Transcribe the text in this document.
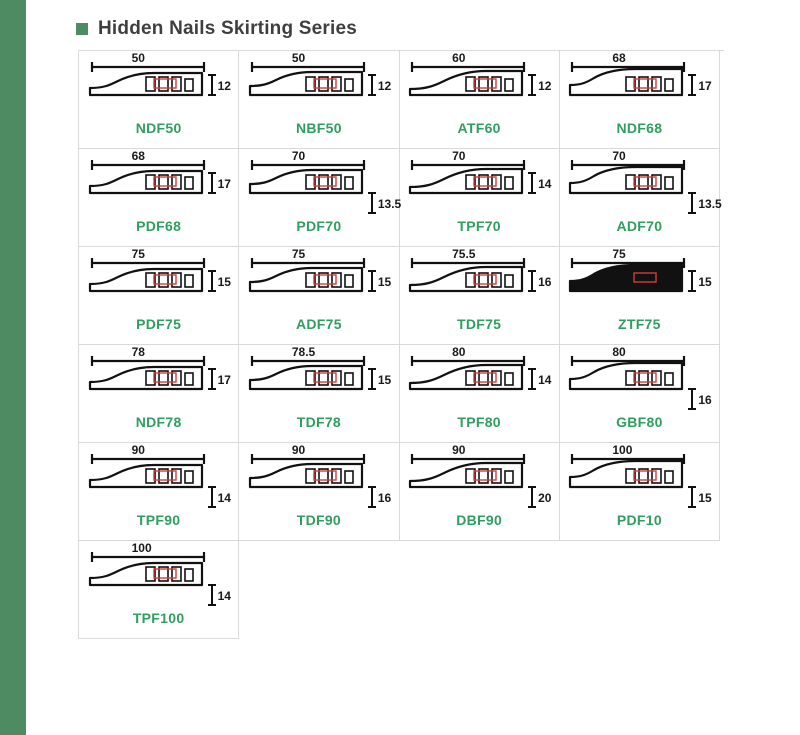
Hidden Nails Skirting Series
50
12
NDF50
50
12
NBF50
60
12
ATF60
68
17
NDF68
68
17
PDF68
70
13.5
PDF70
70
14
TPF70
70
13.5
ADF70
75
15
PDF75
75
15
ADF75
75.5
16
TDF75
75
15
ZTF75
78
17
NDF78
78.5
15
TDF78
80
14
TPF80
80
16
GBF80
90
14
TPF90
90
16
TDF90
90
20
DBF90
100
15
PDF10
100
14
TPF100
